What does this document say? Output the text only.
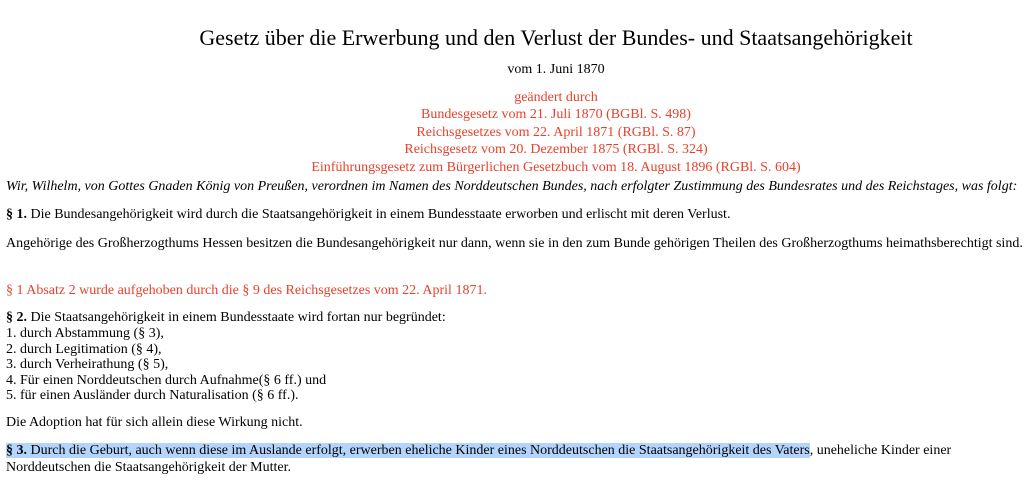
Gesetz über die Erwerbung und den Verlust der Bundes- und Staatsangehörigkeit
vom 1. Juni 1870
geändert durch
Bundesgesetz vom 21. Juli 1870 (BGBl. S. 498)
Reichsgesetzes vom 22. April 1871 (RGBl. S. 87)
Reichsgesetz vom 20. Dezember 1875 (RGBl. S. 324)
Einführungsgesetz zum Bürgerlichen Gesetzbuch vom 18. August 1896 (RGBl. S. 604)
Wir, Wilhelm, von Gottes Gnaden König von Preußen, verordnen im Namen des Norddeutschen Bundes, nach erfolgter Zustimmung des Bundesrates und des Reichstages, was folgt:
§ 1. Die Bundesangehörigkeit wird durch die Staatsangehörigkeit in einem Bundesstaate erworben und erlischt mit deren Verlust.
Angehörige des Großherzogthums Hessen besitzen die Bundesangehörigkeit nur dann, wenn sie in den zum Bunde gehörigen Theilen des Großherzogthums heimathsberechtigt sind.
§ 1 Absatz 2 wurde aufgehoben durch die § 9 des Reichsgesetzes vom 22. April 1871.
§ 2. Die Staatsangehörigkeit in einem Bundesstaate wird fortan nur begründet:
1. durch Abstammung (§ 3),
2. durch Legitimation (§ 4),
3. durch Verheirathung (§ 5),
4. Für einen Norddeutschen durch Aufnahme(§ 6 ff.) und
5. für einen Ausländer durch Naturalisation (§ 6 ff.).
Die Adoption hat für sich allein diese Wirkung nicht.
§ 3. Durch die Geburt, auch wenn diese im Auslande erfolgt, erwerben eheliche Kinder eines Norddeutschen die Staatsangehörigkeit des Vaters, uneheliche Kinder einer Norddeutschen die Staatsangehörigkeit der Mutter.
